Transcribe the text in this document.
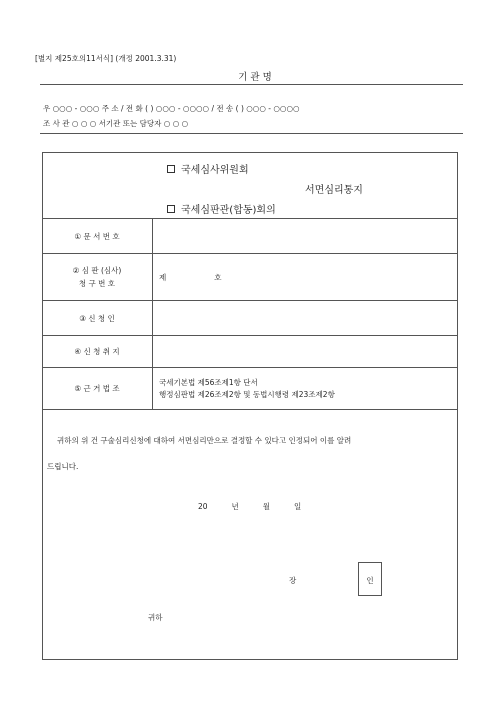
[별지 제25호의11서식] (개정 2001.3.31)
기 관 명
우 ○○○ - ○○○ 주 소 / 전 화 ( ) ○○○ - ○○○○ / 전 송 ( ) ○○○ - ○○○○
조 사 관 ○ ○ ○ 서기관 또는 담당자 ○ ○ ○
국세심사위원회
서면심리통지
국세심판관(합동)회의
① 문 서 번 호	
② 심 판 (심사)
청 구 번 호	제 호
③ 신 청 인	
④ 신 청 취 지	
⑤ 근 거 법 조	국세기본법 제56조제1항 단서
행정심판법 제26조제2항 및 동법시행령 제23조제2항
귀하의 위 건 구술심리신청에 대하여 서면심리만으로 결정할 수 있다고 인정되어 이를 알려
드립니다.
20	년	월	일
장	인
귀하
